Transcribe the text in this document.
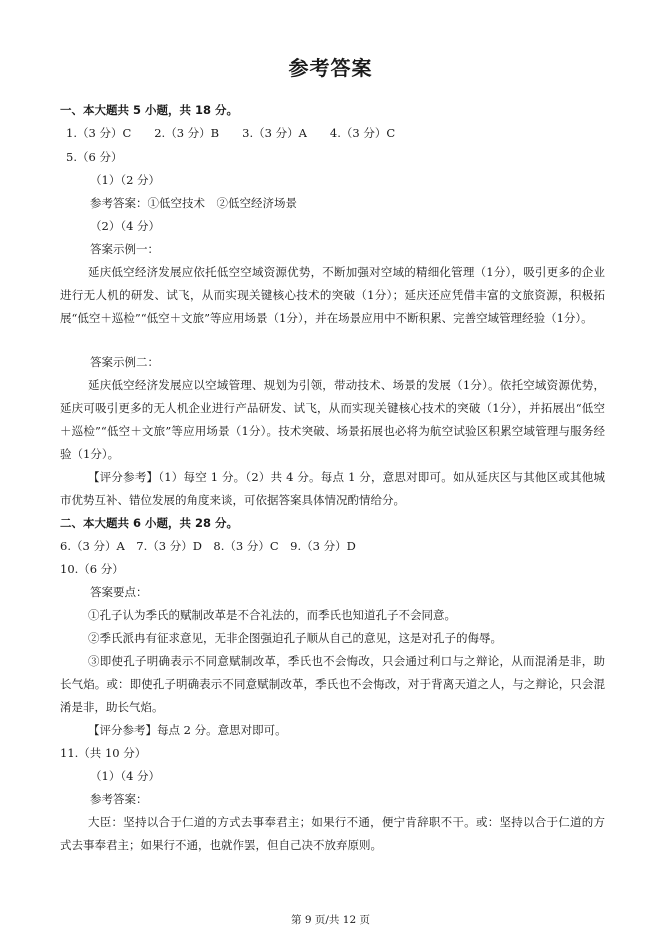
参考答案
一、本大题共 5 小题，共 18 分。
1.（3 分）C　　2.（3 分）B　　3.（3 分）A　　4.（3 分）C
5.（6 分）
（1）（2 分）
参考答案：①低空技术　②低空经济场景
（2）（4 分）
答案示例一：
延庆低空经济发展应依托低空空域资源优势，不断加强对空域的精细化管理（1分），吸引更多的企业进行无人机的研发、试飞，从而实现关键核心技术的突破（1分）；延庆还应凭借丰富的文旅资源，积极拓展“低空＋巡检”“低空＋文旅”等应用场景（1分），并在场景应用中不断积累、完善空域管理经验（1分）。
答案示例二：
延庆低空经济发展应以空域管理、规划为引领，带动技术、场景的发展（1分）。依托空域资源优势，延庆可吸引更多的无人机企业进行产品研发、试飞，从而实现关键核心技术的突破（1分），并拓展出“低空＋巡检”“低空＋文旅”等应用场景（1分）。技术突破、场景拓展也必将为航空试验区积累空域管理与服务经验（1分）。
【评分参考】（1）每空 1 分。（2）共 4 分。每点 1 分，意思对即可。如从延庆区与其他区或其他城市优势互补、错位发展的角度来谈，可依据答案具体情况酌情给分。
二、本大题共 6 小题，共 28 分。
6.（3 分）A　7.（3 分）D　8.（3 分）C　9.（3 分）D
10.（6 分）
答案要点：
①孔子认为季氏的赋制改革是不合礼法的，而季氏也知道孔子不会同意。
②季氏派冉有征求意见，无非企图强迫孔子顺从自己的意见，这是对孔子的侮辱。
③即使孔子明确表示不同意赋制改革，季氏也不会悔改，只会通过利口与之辩论，从而混淆是非，助长气焰。或：即使孔子明确表示不同意赋制改革，季氏也不会悔改，对于背离天道之人，与之辩论，只会混淆是非，助长气焰。
【评分参考】每点 2 分。意思对即可。
11.（共 10 分）
（1）（4 分）
参考答案：
大臣：坚持以合于仁道的方式去事奉君主；如果行不通，便宁肯辞职不干。或：坚持以合于仁道的方式去事奉君主；如果行不通，也就作罢，但自己决不放弃原则。
第 9 页/共 12 页
